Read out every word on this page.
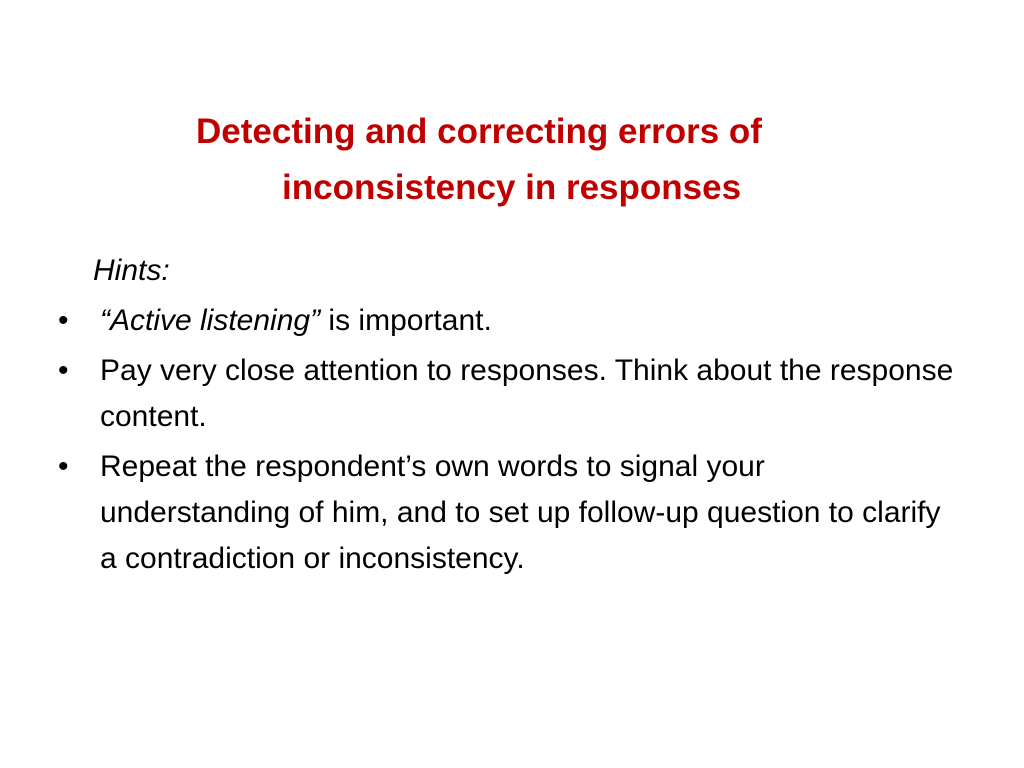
Detecting and correcting errors of
inconsistency in responses
Hints:
• “Active listening” is important.
• Pay very close attention to responses. Think about the response content.
• Repeat the respondent’s own words to signal your understanding of him, and to set up follow-up question to clarify a contradiction or inconsistency.
